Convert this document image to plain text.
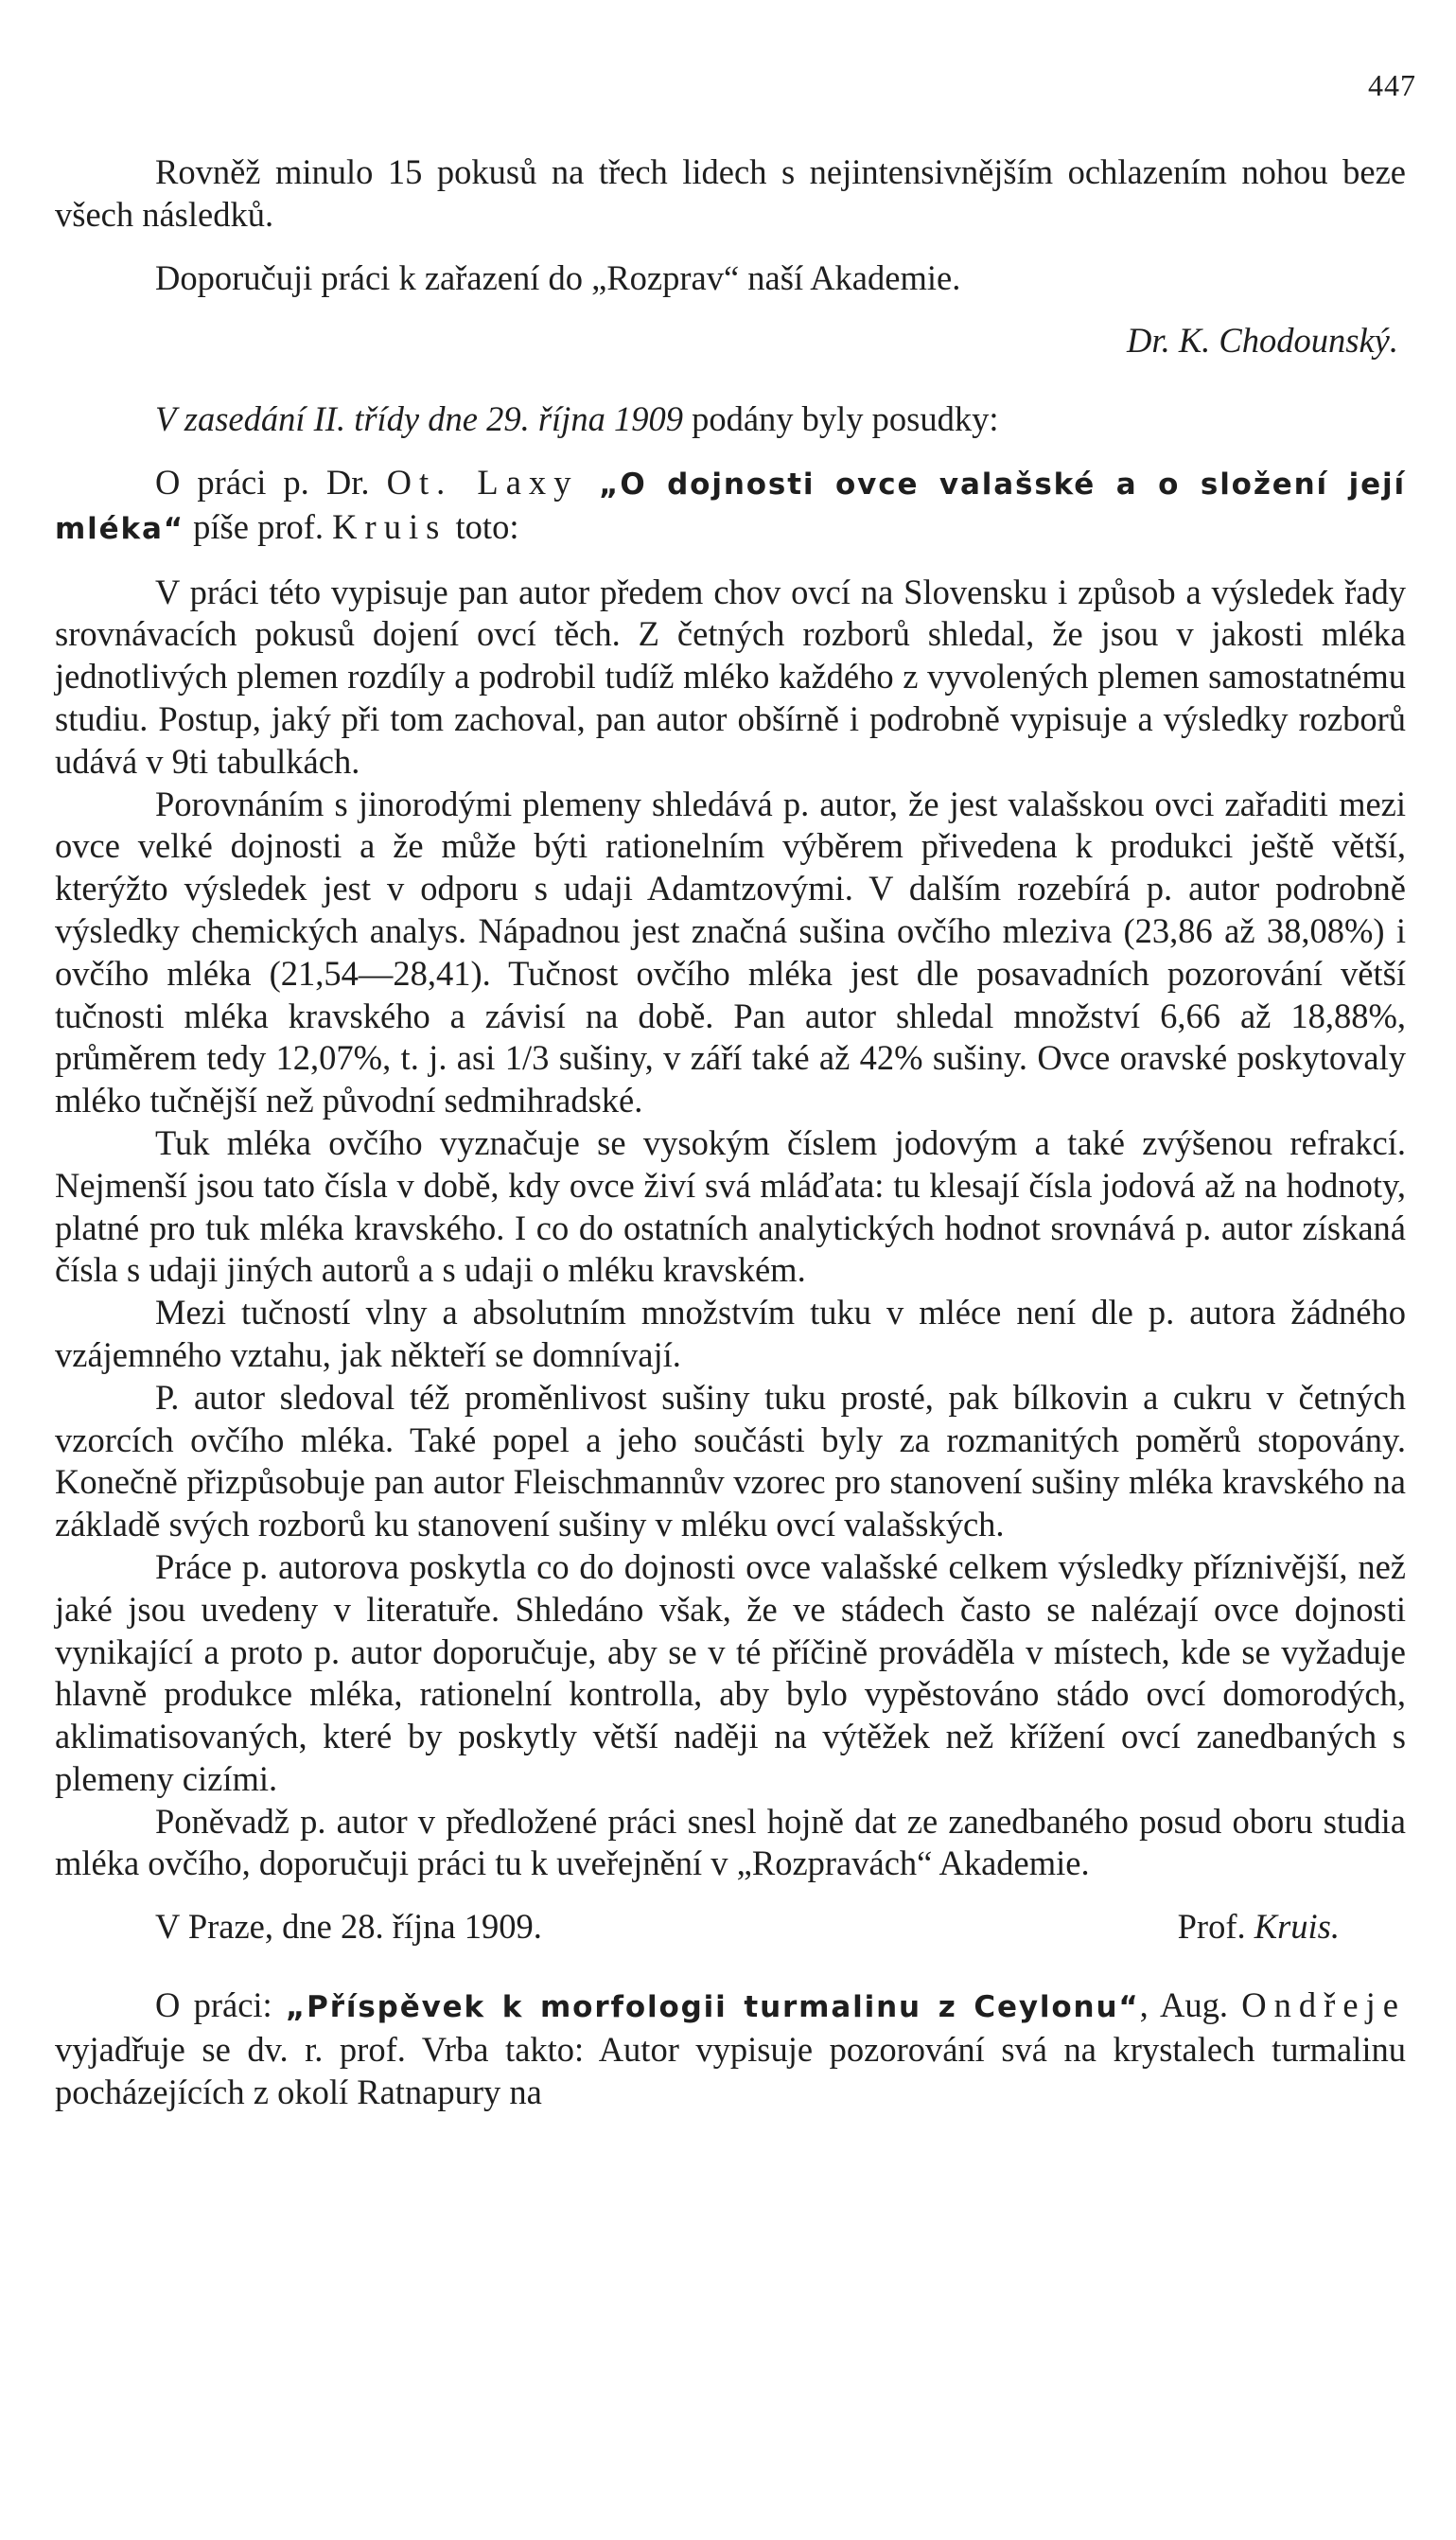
447

Rovněž minulo 15 pokusů na třech lidech s nejintensivnějším ochlazením nohou beze všech následků.

Doporučuji práci k zařazení do „Rozprav“ naší Akademie.

Dr. K. Chodounský.

V zasedání II. třídy dne 29. října 1909 podány byly posudky:

O práci p. Dr. Ot. Laxy „O dojnosti ovce valašské a o složení její mléka“ píše prof. Kruis toto:

V práci této vypisuje pan autor předem chov ovcí na Slovensku i způsob a výsledek řady srovnávacích pokusů dojení ovcí těch. Z četných rozborů shledal, že jsou v jakosti mléka jednotlivých plemen rozdíly a podrobil tudíž mléko každého z vyvolených plemen samostatnému studiu. Postup, jaký při tom zachoval, pan autor obšírně i podrobně vypisuje a výsledky rozborů udává v 9ti tabulkách.

Porovnáním s jinorodými plemeny shledává p. autor, že jest valašskou ovci zařaditi mezi ovce velké dojnosti a že může býti rationelním výběrem přivedena k produkci ještě větší, kterýžto výsledek jest v odporu s udaji Adamtzovými. V dalším rozebírá p. autor podrobně výsledky chemických analys. Nápadnou jest značná sušina ovčího mleziva (23,86 až 38,08%) i ovčího mléka (21,54—28,41). Tučnost ovčího mléka jest dle posavadních pozorování větší tučnosti mléka kravského a závisí na době. Pan autor shledal množství 6,66 až 18,88%, průměrem tedy 12,07%, t. j. asi 1/3 sušiny, v září také až 42% sušiny. Ovce oravské poskytovaly mléko tučnější než původní sedmihradské.

Tuk mléka ovčího vyznačuje se vysokým číslem jodovým a také zvýšenou refrakcí. Nejmenší jsou tato čísla v době, kdy ovce živí svá mláďata: tu klesají čísla jodová až na hodnoty, platné pro tuk mléka kravského. I co do ostatních analytických hodnot srovnává p. autor získaná čísla s udaji jiných autorů a s udaji o mléku kravském.

Mezi tučností vlny a absolutním množstvím tuku v mléce není dle p. autora žádného vzájemného vztahu, jak někteří se domnívají.

P. autor sledoval též proměnlivost sušiny tuku prosté, pak bílkovin a cukru v četných vzorcích ovčího mléka. Také popel a jeho součásti byly za rozmanitých poměrů stopovány. Konečně přizpůsobuje pan autor Fleischmannův vzorec pro stanovení sušiny mléka kravského na základě svých rozborů ku stanovení sušiny v mléku ovcí valašských.

Práce p. autorova poskytla co do dojnosti ovce valašské celkem výsledky příznivější, než jaké jsou uvedeny v literatuře. Shledáno však, že ve stádech často se nalézají ovce dojnosti vynikající a proto p. autor doporučuje, aby se v té příčině prováděla v místech, kde se vyžaduje hlavně produkce mléka, rationelní kontrolla, aby bylo vypěstováno stádo ovcí domorodých, aklimatisovaných, které by poskytly větší naději na výtěžek než křížení ovcí zanedbaných s plemeny cizími.

Poněvadž p. autor v předložené práci snesl hojně dat ze zanedbaného posud oboru studia mléka ovčího, doporučuji práci tu k uveřejnění v „Rozpravách“ Akademie.

V Praze, dne 28. října 1909.	Prof. Kruis.

O práci: „Příspěvek k morfologii turmalinu z Ceylonu“, Aug. Ondřeje vyjadřuje se dv. r. prof. Vrba takto: Autor vypisuje pozorování svá na krystalech turmalinu pocházejících z okolí Ratnapury na
